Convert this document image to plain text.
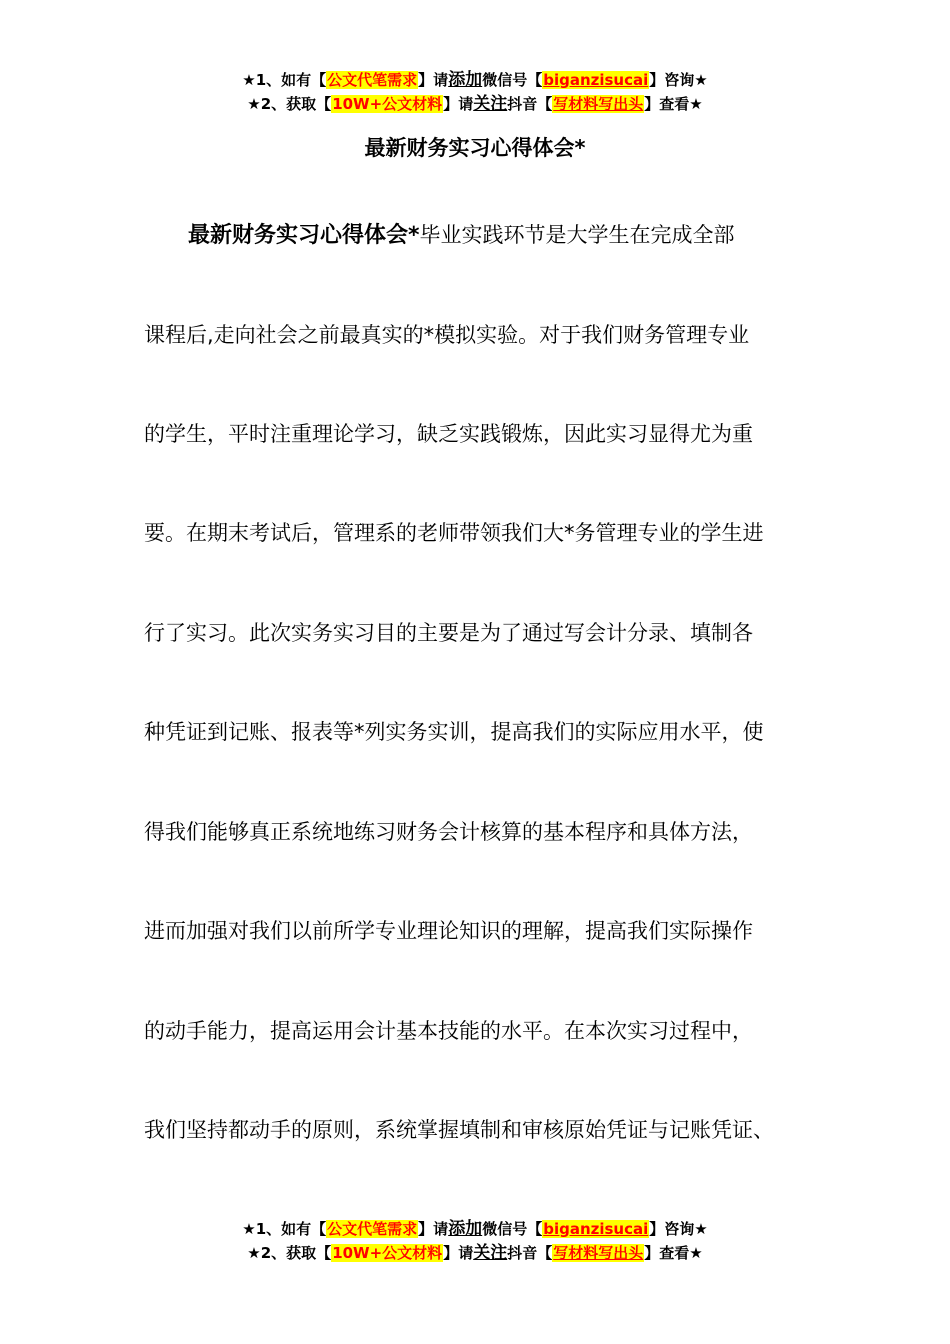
★1、如有【公文代笔需求】请添加微信号【biganzisucai】咨询★
★2、获取【10W+公文材料】请关注抖音【写材料写出头】查看★
最新财务实习心得体会*
最新财务实习心得体会*毕业实践环节是大学生在完成全部
课程后,走向社会之前最真实的*模拟实验。对于我们财务管理专业
的学生，平时注重理论学习，缺乏实践锻炼，因此实习显得尤为重
要。在期末考试后，管理系的老师带领我们大*务管理专业的学生进
行了实习。此次实务实习目的主要是为了通过写会计分录、填制各
种凭证到记账、报表等*列实务实训，提高我们的实际应用水平，使
得我们能够真正系统地练习财务会计核算的基本程序和具体方法，
进而加强对我们以前所学专业理论知识的理解，提高我们实际操作
的动手能力，提高运用会计基本技能的水平。在本次实习过程中，
我们坚持都动手的原则，系统掌握填制和审核原始凭证与记账凭证、
★1、如有【公文代笔需求】请添加微信号【biganzisucai】咨询★
★2、获取【10W+公文材料】请关注抖音【写材料写出头】查看★
